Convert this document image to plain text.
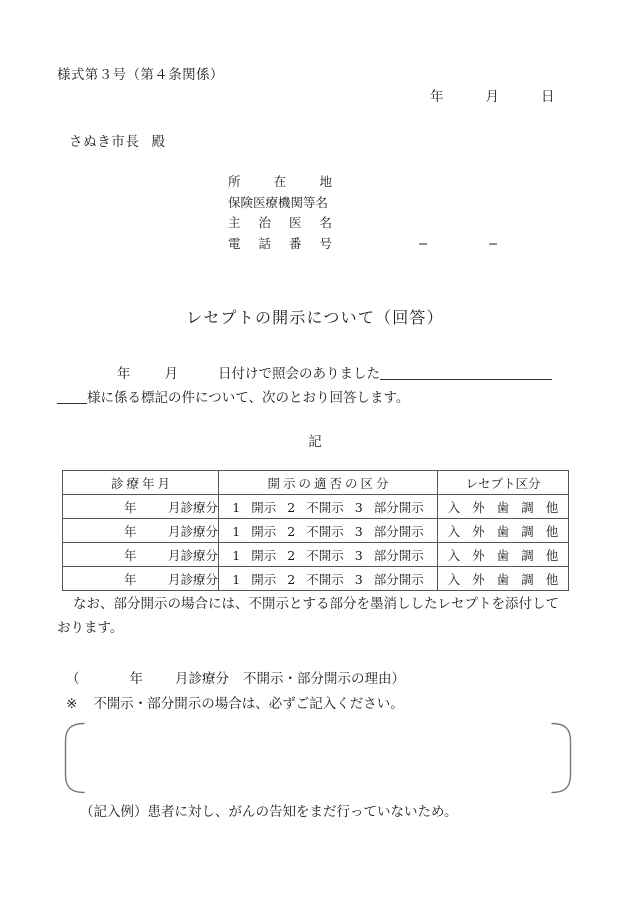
様式第３号（第４条関係）
年	月	日
さぬき市長 殿
所在地
保険医療機関等名
主治医名
電話番号	−	−
レセプトの開示について（回答）
年	月	日付けで照会のありました
様に係る標記の件について、次のとおり回答します。
記
診療年月	開示の適否の区分	レセプト区分
年 月診療分	1 開示 2 不開示 3 部分開示	入 外 歯 調 他
年 月診療分	1 開示 2 不開示 3 部分開示	入 外 歯 調 他
年 月診療分	1 開示 2 不開示 3 部分開示	入 外 歯 調 他
年 月診療分	1 開示 2 不開示 3 部分開示	入 外 歯 調 他
なお、部分開示の場合には、不開示とする部分を墨消ししたレセプトを添付して
おります。
（	年 月診療分 不開示・部分開示の理由）
※ 不開示・部分開示の場合は、必ずご記入ください。
（記入例）患者に対し、がんの告知をまだ行っていないため。
